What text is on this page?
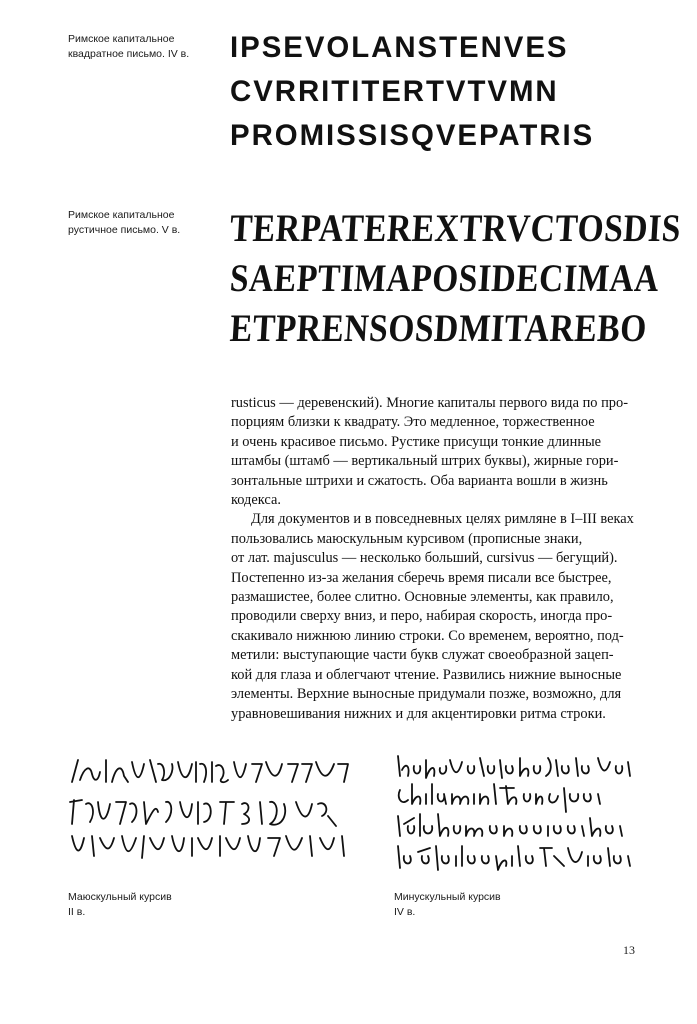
Римское капитальное
квадратное письмо. IV в.
Римское капитальное
рустичное письмо. V в.
IPSEVOLANSTENVES
CVRRITITERTVTVMN
PROMISSISQVEPATRIS
TERPATEREXTRVCTOSDIS
SAEPTIMAPOSIDECIMAA
ETPRENSOSDMITAREBO
rusticus — деревенский). Многие капиталы первого вида по про-
порциям близки к квадрату. Это медленное, торжественное
и очень красивое письмо. Рустике присущи тонкие длинные
штамбы (штамб — вертикальный штрих буквы), жирные гори-
зонтальные штрихи и сжатость. Оба варианта вошли в жизнь
кодекса.
Для документов и в повседневных целях римляне в I–III веках
пользовались маюскульным курсивом (прописные знаки,
от лат. majusculus — несколько больший, cursivus — бегущий).
Постепенно из-за желания сберечь время писали все быстрее,
размашистее, более слитно. Основные элементы, как правило,
проводили сверху вниз, и перо, набирая скорость, иногда про-
скакивало нижнюю линию строки. Со временем, вероятно, под-
метили: выступающие части букв служат своеобразной зацеп-
кой для глаза и облегчают чтение. Развились нижние выносные
элементы. Верхние выносные придумали позже, возможно, для
уравновешивания нижних и для акцентировки ритма строки.
Маюскульный курсив
II в.
Минускульный курсив
IV в.
13
